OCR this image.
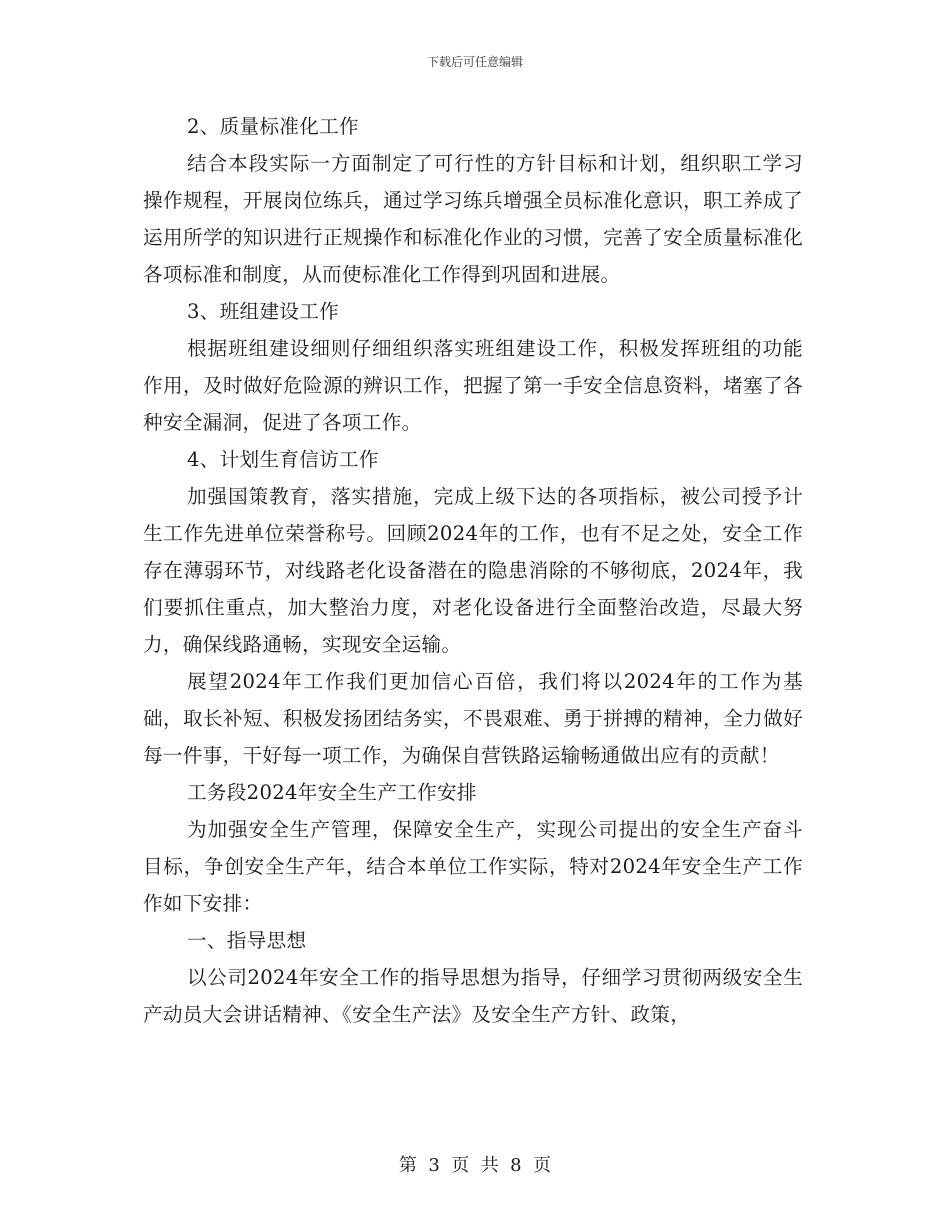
下载后可任意编辑

2、质量标准化工作

结合本段实际一方面制定了可行性的方针目标和计划，组织职工学习操作规程，开展岗位练兵，通过学习练兵增强全员标准化意识，职工养成了运用所学的知识进行正规操作和标准化作业的习惯，完善了安全质量标准化各项标准和制度，从而使标准化工作得到巩固和进展。

3、班组建设工作

根据班组建设细则仔细组织落实班组建设工作，积极发挥班组的功能作用，及时做好危险源的辨识工作，把握了第一手安全信息资料，堵塞了各种安全漏洞，促进了各项工作。

4、计划生育信访工作

加强国策教育，落实措施，完成上级下达的各项指标，被公司授予计生工作先进单位荣誉称号。回顾2024年的工作，也有不足之处，安全工作存在薄弱环节，对线路老化设备潜在的隐患消除的不够彻底，2024年，我们要抓住重点，加大整治力度，对老化设备进行全面整治改造，尽最大努力，确保线路通畅，实现安全运输。

展望2024年工作我们更加信心百倍，我们将以2024年的工作为基础，取长补短、积极发扬团结务实，不畏艰难、勇于拼搏的精神，全力做好每一件事，干好每一项工作，为确保自营铁路运输畅通做出应有的贡献！

工务段2024年安全生产工作安排

为加强安全生产管理，保障安全生产，实现公司提出的安全生产奋斗目标，争创安全生产年，结合本单位工作实际，特对2024年安全生产工作作如下安排：

一、指导思想

以公司2024年安全工作的指导思想为指导，仔细学习贯彻两级安全生产动员大会讲话精神、《安全生产法》及安全生产方针、政策，

第 3 页 共 8 页
